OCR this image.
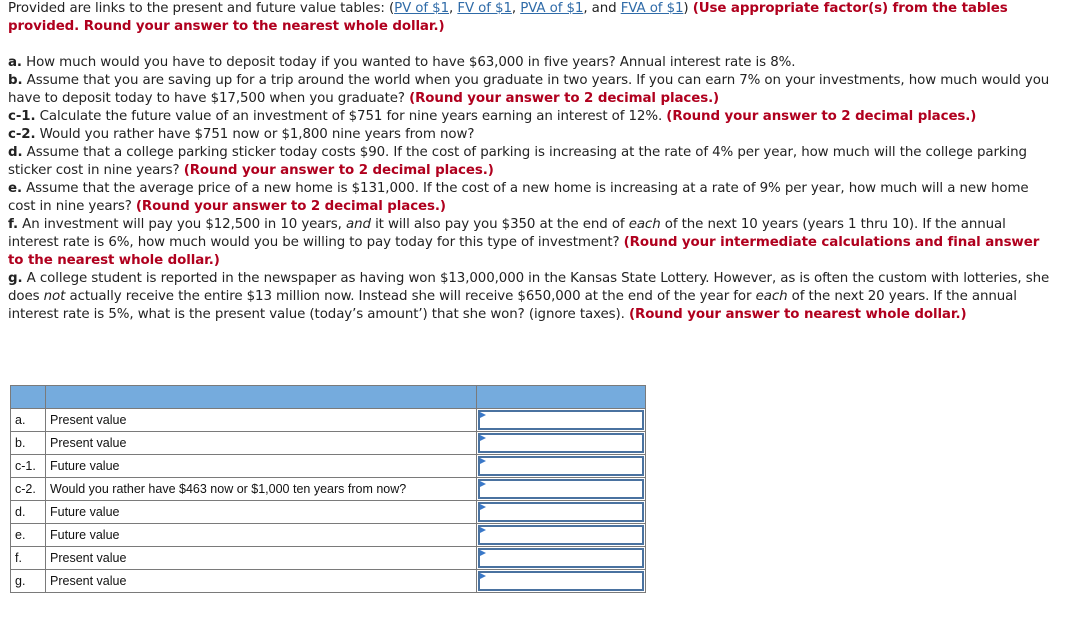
Provided are links to the present and future value tables: (PV of $1, FV of $1, PVA of $1, and FVA of $1) (Use appropriate factor(s) from the tables provided. Round your answer to the nearest whole dollar.)

a. How much would you have to deposit today if you wanted to have $63,000 in five years? Annual interest rate is 8%.

b. Assume that you are saving up for a trip around the world when you graduate in two years. If you can earn 7% on your investments, how much would you have to deposit today to have $17,500 when you graduate? (Round your answer to 2 decimal places.)

c-1. Calculate the future value of an investment of $751 for nine years earning an interest of 12%. (Round your answer to 2 decimal places.)

c-2. Would you rather have $751 now or $1,800 nine years from now?

d. Assume that a college parking sticker today costs $90. If the cost of parking is increasing at the rate of 4% per year, how much will the college parking sticker cost in nine years? (Round your answer to 2 decimal places.)

e. Assume that the average price of a new home is $131,000. If the cost of a new home is increasing at a rate of 9% per year, how much will a new home cost in nine years? (Round your answer to 2 decimal places.)

f. An investment will pay you $12,500 in 10 years, and it will also pay you $350 at the end of each of the next 10 years (years 1 thru 10). If the annual interest rate is 6%, how much would you be willing to pay today for this type of investment? (Round your intermediate calculations and final answer to the nearest whole dollar.)

g. A college student is reported in the newspaper as having won $13,000,000 in the Kansas State Lottery. However, as is often the custom with lotteries, she does not actually receive the entire $13 million now. Instead she will receive $650,000 at the end of the year for each of the next 20 years. If the annual interest rate is 5%, what is the present value (today’s amount’) that she won? (ignore taxes). (Round your answer to nearest whole dollar.)

a.	Present value	

b.	Present value	

c-1.	Future value	

c-2.	Would you rather have $463 now or $1,000 ten years from now?	

d.	Future value	

e.	Future value	

f.	Present value	

g.	Present value	
